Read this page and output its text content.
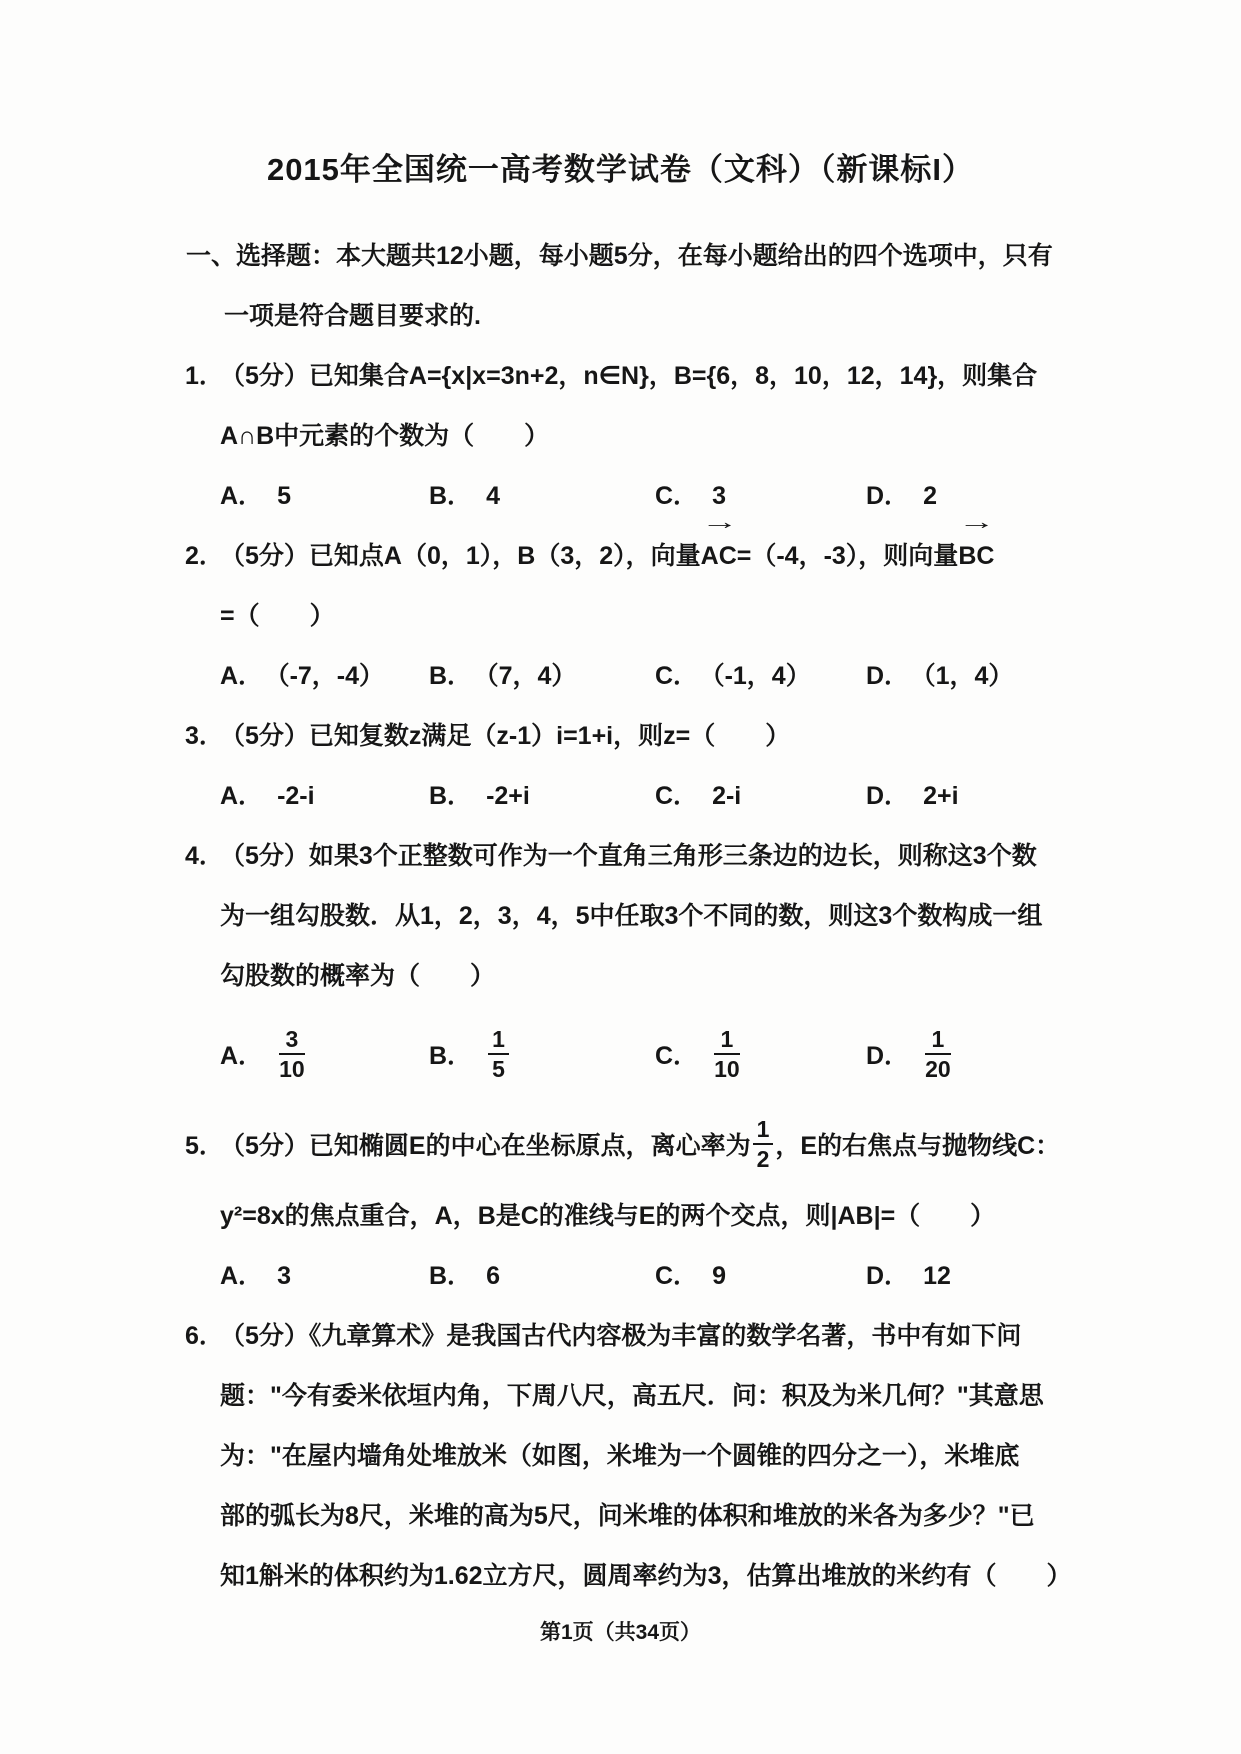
2015年全国统一高考数学试卷（文科）（新课标I）
一、选择题：本大题共12小题，每小题5分，在每小题给出的四个选项中，只有
一项是符合题目要求的.
1．
（5分）已知集合A={x|x=3n+2，n∈N}，B={6，8，10，12，14}，则集合
A∩B中元素的个数为（　　）
A． 5	B． 4	C． 3	D． 2
2．
（5分）已知点A（0，1），B（3，2），向量AC →=（-4，-3），则向量BC →
=（　　）
A． （-7，-4）	B． （7，4）	C． （-1，4）	D． （1，4）
3．
（5分）已知复数z满足（z-1）i=1+i，则z=（　　）
A． -2-i	B． -2+i	C． 2-i	D． 2+i
4．
（5分）如果3个正整数可作为一个直角三角形三条边的边长，则称这3个数
为一组勾股数．从1，2，3，4，5中任取3个不同的数，则这3个数构成一组
勾股数的概率为（　　）
A． $\frac{3}{10}$	B． $\frac{1}{5}$	C． $\frac{1}{10}$	D． $\frac{1}{20}$
5．
（5分）已知椭圆E的中心在坐标原点，离心率为 $\frac{1}{2}$ ，E的右焦点与抛物线C：
y²=8x的焦点重合，A，B是C的准线与E的两个交点，则|AB|=（　　）
A． 3	B． 6	C． 9	D． 12
6．
（5分）《九章算术》是我国古代内容极为丰富的数学名著，书中有如下问
题："今有委米依垣内角，下周八尺，高五尺．问：积及为米几何？"其意思
为："在屋内墙角处堆放米（如图，米堆为一个圆锥的四分之一），米堆底
部的弧长为8尺，米堆的高为5尺，问米堆的体积和堆放的米各为多少？"已
知1斛米的体积约为1.62立方尺，圆周率约为3，估算出堆放的米约有（　　）
第1页（共34页）
